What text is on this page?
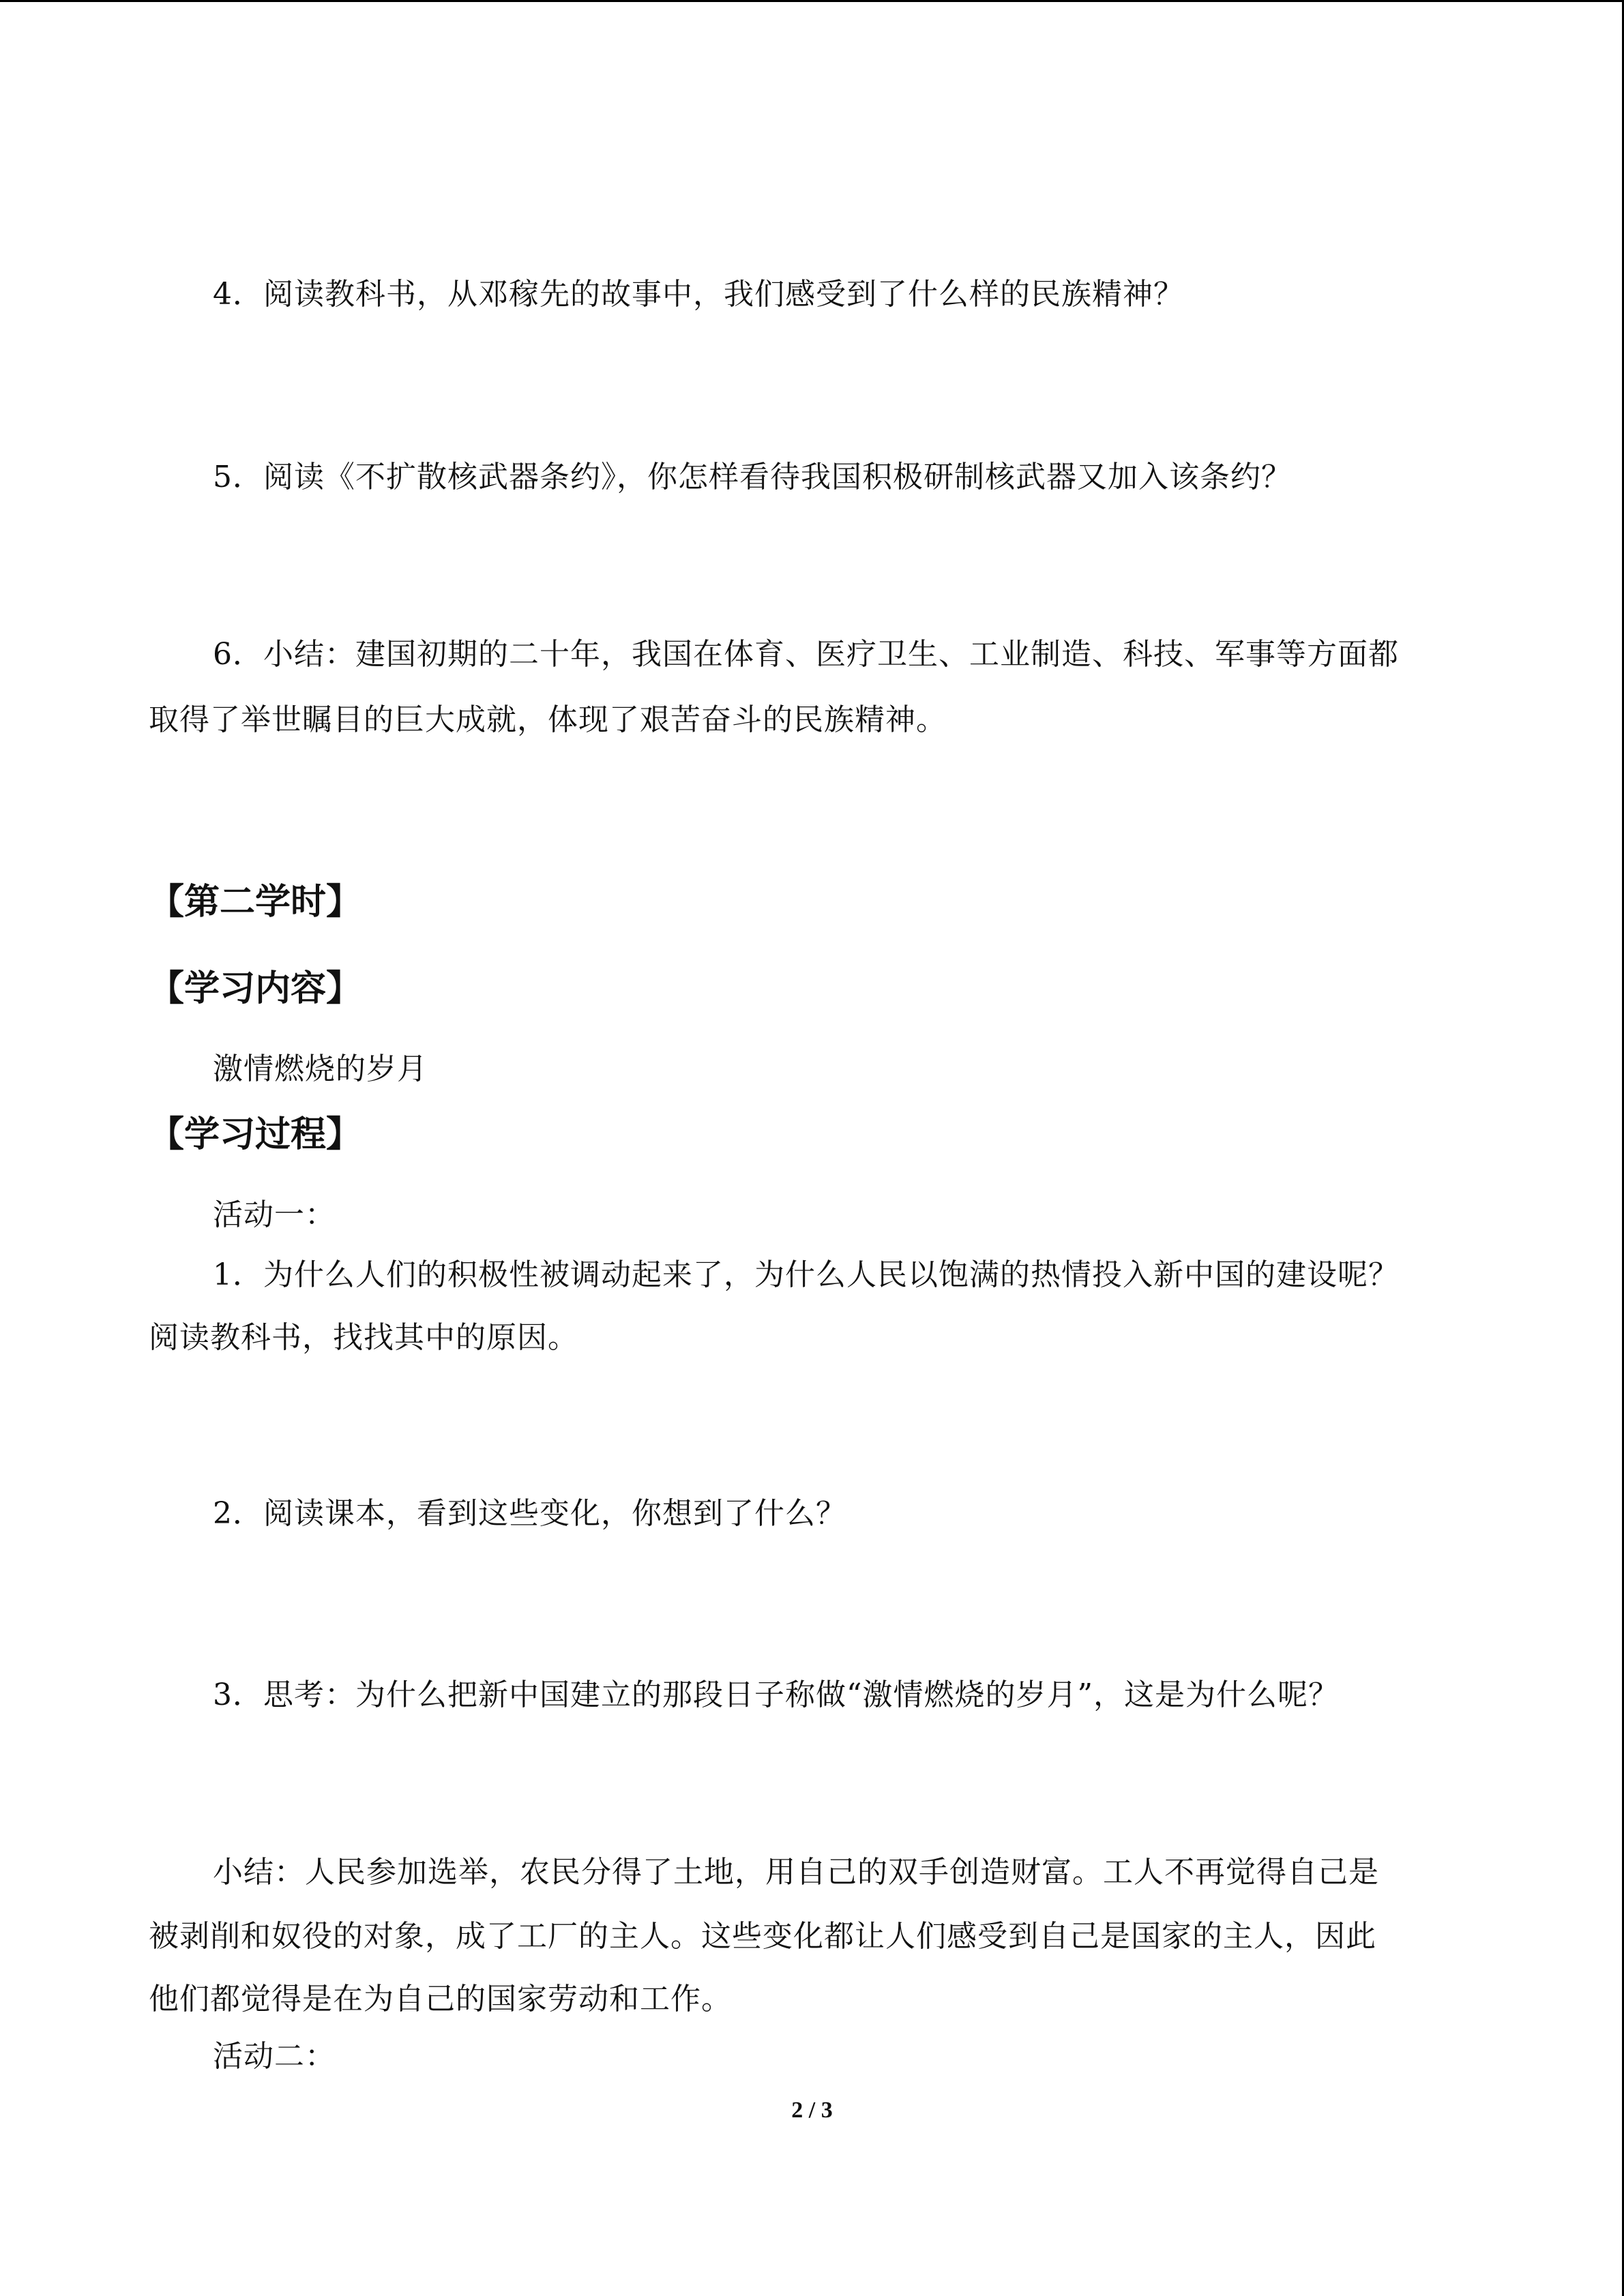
4．阅读教科书，从邓稼先的故事中，我们感受到了什么样的民族精神？
5．阅读《不扩散核武器条约》，你怎样看待我国积极研制核武器又加入该条约？
6．小结：建国初期的二十年，我国在体育、医疗卫生、工业制造、科技、军事等方面都
取得了举世瞩目的巨大成就，体现了艰苦奋斗的民族精神。
【第二学时】
【学习内容】
激情燃烧的岁月
【学习过程】
活动一：
1．为什么人们的积极性被调动起来了，为什么人民以饱满的热情投入新中国的建设呢？
阅读教科书，找找其中的原因。
2．阅读课本，看到这些变化，你想到了什么？
3．思考：为什么把新中国建立的那段日子称做“激情燃烧的岁月”，这是为什么呢？
小结：人民参加选举，农民分得了土地，用自己的双手创造财富。工人不再觉得自己是
被剥削和奴役的对象，成了工厂的主人。这些变化都让人们感受到自己是国家的主人，因此
他们都觉得是在为自己的国家劳动和工作。
活动二：
2 / 3
